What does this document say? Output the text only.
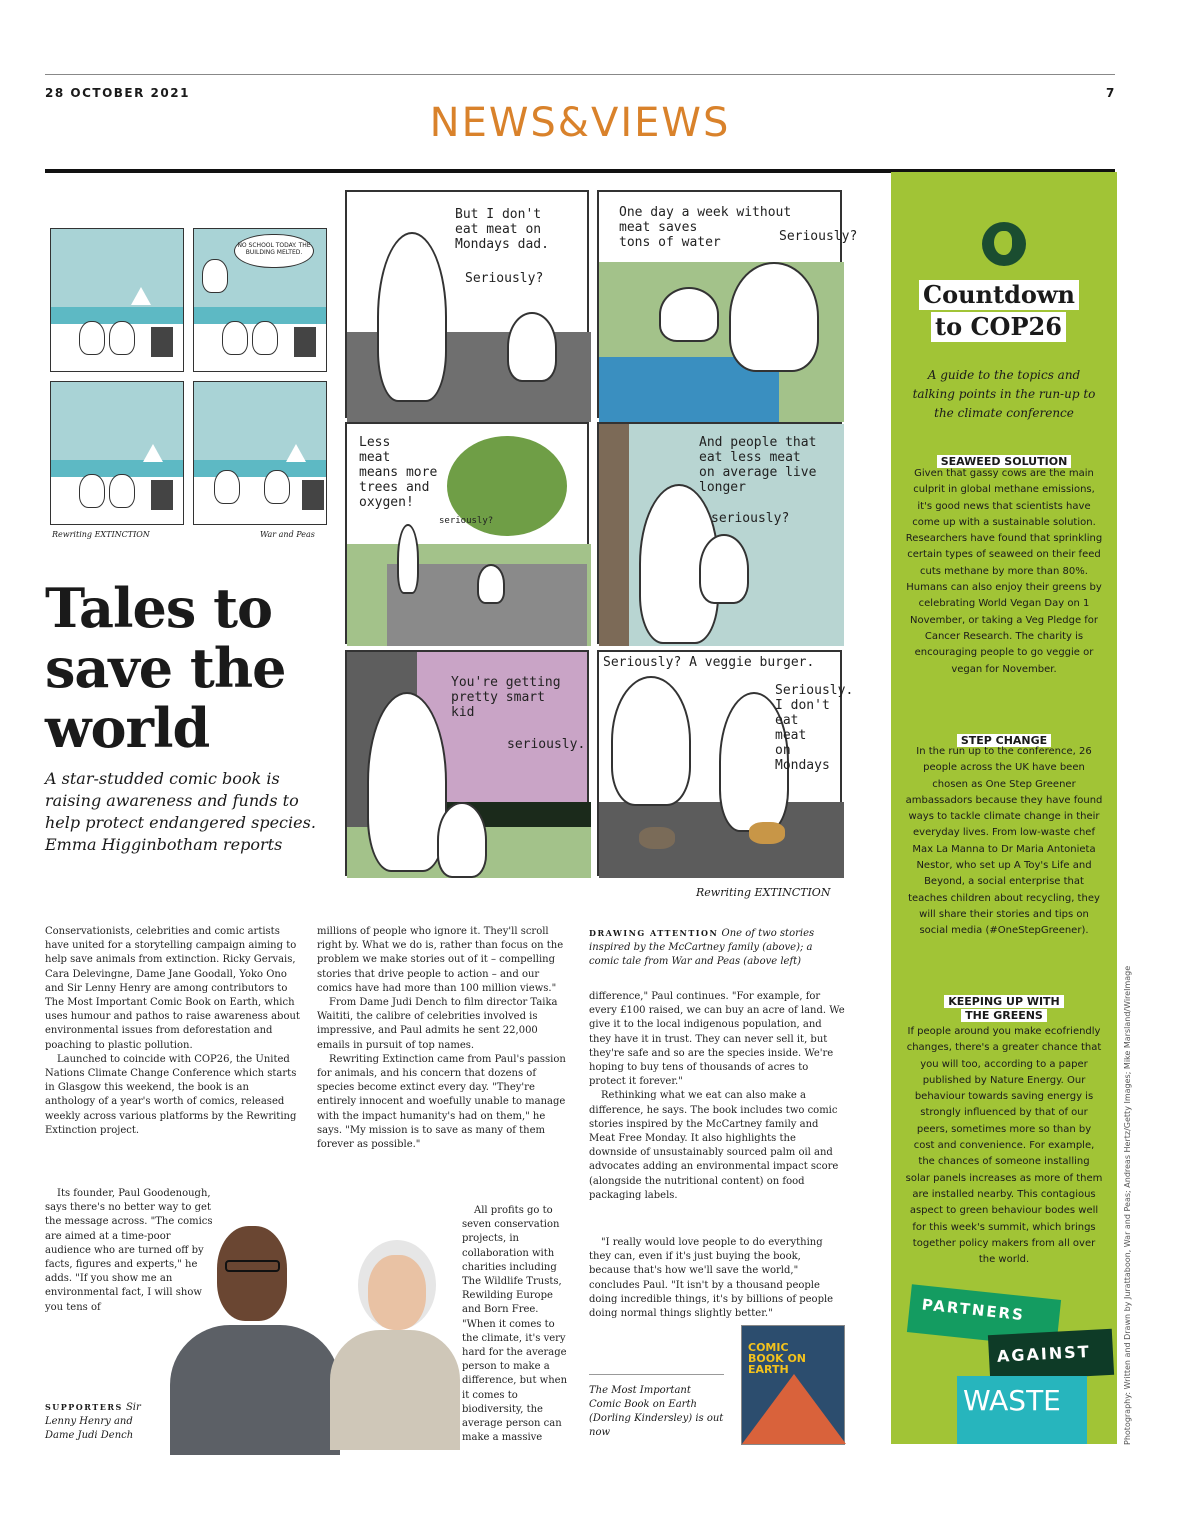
28 OCTOBER 2021	7
NEWS&VIEWS
NO SCHOOL TODAY. THE BUILDING MELTED.
Rewriting EXTINCTION	War and Peas
But I don't
eat meat on
Mondays dad.
Seriously?
One day a week without
meat saves
tons of water	Seriously?
Less
meat
means more
trees and
oxygen!
seriously?
And people that
eat less meat
on average live
longer
seriously?
You're getting
pretty smart
kid
seriously.
Seriously? A veggie burger.
Seriously.
I don't
eat
meat
on
Mondays
Rewriting EXTINCTION
Tales to save the world
A star-studded comic book is raising awareness and funds to help protect endangered species. Emma Higginbotham reports

Conservationists, celebrities and comic artists have united for a storytelling campaign aiming to help save animals from extinction. Ricky Gervais, Cara Delevingne, Dame Jane Goodall, Yoko Ono and Sir Lenny Henry are among contributors to The Most Important Comic Book on Earth, which uses humour and pathos to raise awareness about environmental issues from deforestation and poaching to plastic pollution.

Launched to coincide with COP26, the United Nations Climate Change Conference which starts in Glasgow this weekend, the book is an anthology of a year's worth of comics, released weekly across various platforms by the Rewriting Extinction project.

Its founder, Paul Goodenough, says there's no better way to get the message across. "The comics are aimed at a time-poor audience who are turned off by facts, figures and experts," he adds. "If you show me an environmental fact, I will show you tens of

millions of people who ignore it. They'll scroll right by. What we do is, rather than focus on the problem we make stories out of it – compelling stories that drive people to action – and our comics have had more than 100 million views."

From Dame Judi Dench to film director Taika Waititi, the calibre of celebrities involved is impressive, and Paul admits he sent 22,000 emails in pursuit of top names.

Rewriting Extinction came from Paul's passion for animals, and his concern that dozens of species become extinct every day. "They're entirely innocent and woefully unable to manage with the impact humanity's had on them," he says. "My mission is to save as many of them forever as possible."

All profits go to seven conservation projects, in collaboration with charities including The Wildlife Trusts, Rewilding Europe and Born Free. "When it comes to the climate, it's very hard for the average person to make a difference, but when it comes to biodiversity, the average person can make a massive

DRAWING ATTENTION One of two stories inspired by the McCartney family (above); a comic tale from War and Peas (above left)

difference," Paul continues. "For example, for every £100 raised, we can buy an acre of land. We give it to the local indigenous population, and they have it in trust. They can never sell it, but they're safe and so are the species inside. We're hoping to buy tens of thousands of acres to protect it forever."

Rethinking what we eat can also make a difference, he says. The book includes two comic stories inspired by the McCartney family and Meat Free Monday. It also highlights the downside of unsustainably sourced palm oil and advocates adding an environmental impact score (alongside the nutritional content) on food packaging labels.

"I really would love people to do everything they can, even if it's just buying the book, because that's how we'll save the world," concludes Paul. "It isn't by a thousand people doing incredible things, it's by billions of people doing normal things slightly better."

The Most Important Comic Book on Earth (Dorling Kindersley) is out now
SUPPORTERS Sir Lenny Henry and Dame Judi Dench
COMIC BOOK ON EARTH
Countdown
to COP26
A guide to the topics and talking points in the run-up to the climate conference
SEAWEED SOLUTION
Given that gassy cows are the main culprit in global methane emissions, it's good news that scientists have come up with a sustainable solution. Researchers have found that sprinkling certain types of seaweed on their feed cuts methane by more than 80%. Humans can also enjoy their greens by celebrating World Vegan Day on 1 November, or taking a Veg Pledge for Cancer Research. The charity is encouraging people to go veggie or vegan for November.
STEP CHANGE
In the run up to the conference, 26 people across the UK have been chosen as One Step Greener ambassadors because they have found ways to tackle climate change in their everyday lives. From low-waste chef Max La Manna to Dr Maria Antonieta Nestor, who set up A Toy's Life and Beyond, a social enterprise that teaches children about recycling, they will share their stories and tips on social media (#OneStepGreener).
KEEPING UP WITH
THE GREENS
If people around you make ecofriendly changes, there's a greater chance that you will too, according to a paper published by Nature Energy. Our behaviour towards saving energy is strongly influenced by that of our peers, sometimes more so than by cost and convenience. For example, the chances of someone installing solar panels increases as more of them are installed nearby. This contagious aspect to green behaviour bodes well for this week's summit, which brings together policy makers from all over the world.
PARTNERS
AGAINST
WASTE	Photography: Written and Drawn by Jurattaboon, War and Peas; Andreas Hertz/Getty Images; Mike Marsland/WireImage
